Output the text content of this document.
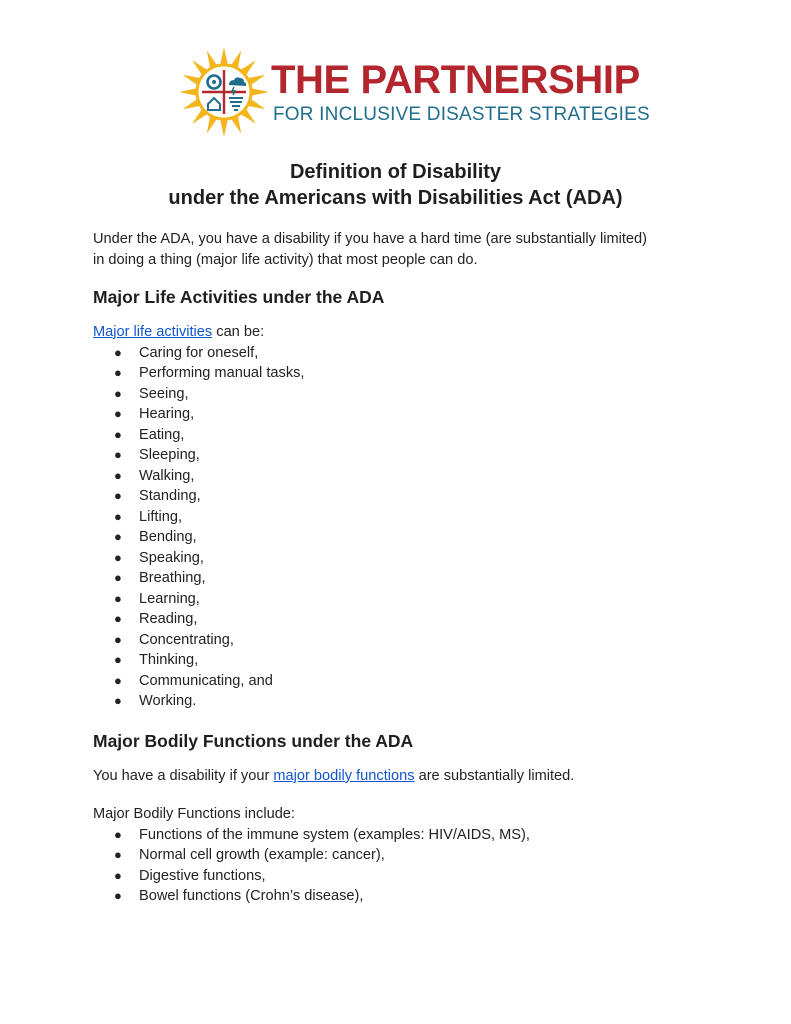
THE PARTNERSHIP
FOR INCLUSIVE DISASTER STRATEGIES
Definition of Disability
under the Americans with Disabilities Act (ADA)
Under the ADA, you have a disability if you have a hard time (are substantially limited)
in doing a thing (major life activity) that most people can do.
Major Life Activities under the ADA
Major life activities can be:
● Caring for oneself,
● Performing manual tasks,
● Seeing,
● Hearing,
● Eating,
● Sleeping,
● Walking,
● Standing,
● Lifting,
● Bending,
● Speaking,
● Breathing,
● Learning,
● Reading,
● Concentrating,
● Thinking,
● Communicating, and
● Working.
Major Bodily Functions under the ADA
You have a disability if your major bodily functions are substantially limited.
Major Bodily Functions include:
● Functions of the immune system (examples: HIV/AIDS, MS),
● Normal cell growth (example: cancer),
● Digestive functions,
● Bowel functions (Crohn’s disease),
